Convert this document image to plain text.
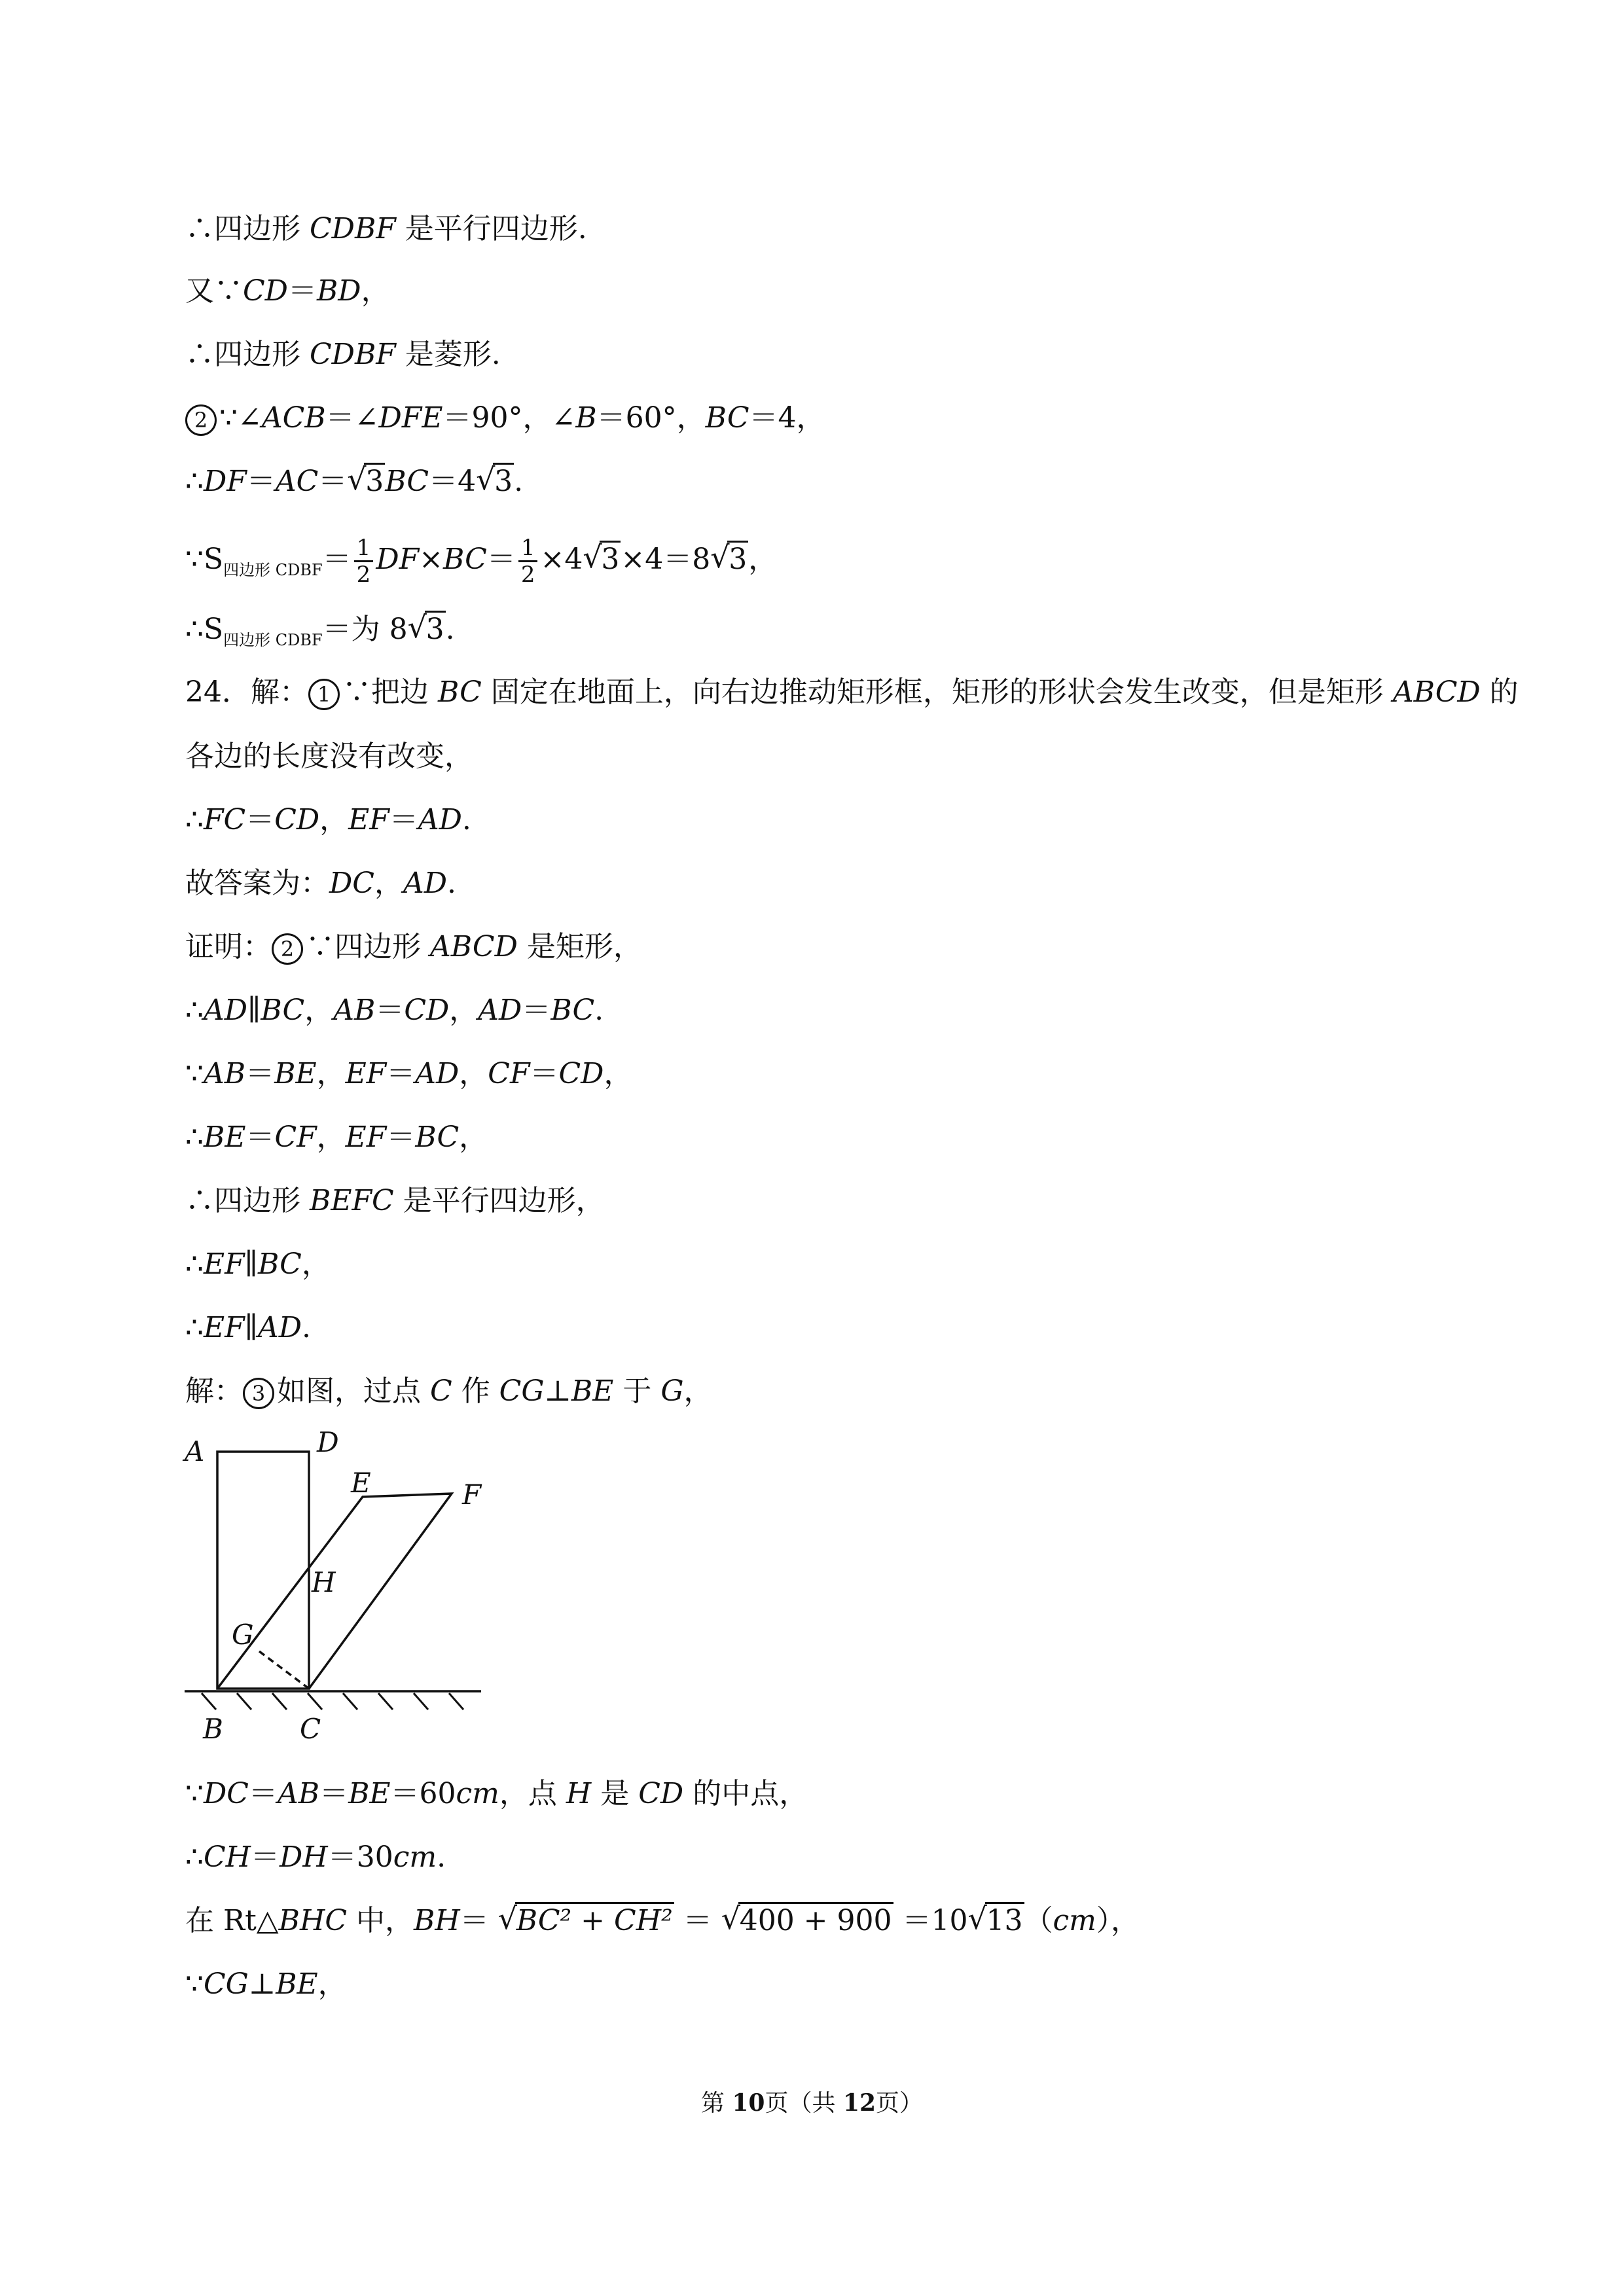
∴四边形 CDBF 是平行四边形.
又∵CD＝BD，
∴四边形 CDBF 是菱形.
2 ∵∠ACB＝∠DFE＝90°，∠B＝60°，BC＝4，
∴DF＝AC＝√ 3BC＝4√ 3.
$\because S_{四边形 CDBF}= \frac{1}{2} DF\times BC= \frac{1}{2} \times 4√$ 3×4＝8√ 3，
$\therefore S_{四边形 CDBF}=$为 8√ 3.
24．解： 1 ∵把边 BC 固定在地面上，向右边推动矩形框，矩形的形状会发生改变，但是矩形 ABCD 的
各边的长度没有改变，
∴FC＝CD，EF＝AD.
故答案为：DC，AD.
证明： 2 ∵四边形 ABCD 是矩形，
∴AD∥BC，AB＝CD，AD＝BC.
∵AB＝BE，EF＝AD，CF＝CD，
∴BE＝CF，EF＝BC，
∴四边形 BEFC 是平行四边形，
∴EF∥BC，
∴EF∥AD.
解： 3 如图，过点 C 作 CG⊥BE 于 G，
A	D
E	F
H
G
B	C
∵DC＝AB＝BE＝60cm，点 H 是 CD 的中点，
∴CH＝DH＝30cm.
在 Rt△BHC 中，BH＝ √ BC² + CH² ＝ √ 400 + 900 ＝10√ 13（cm），
∵CG⊥BE，
第 10页（共 12页）
